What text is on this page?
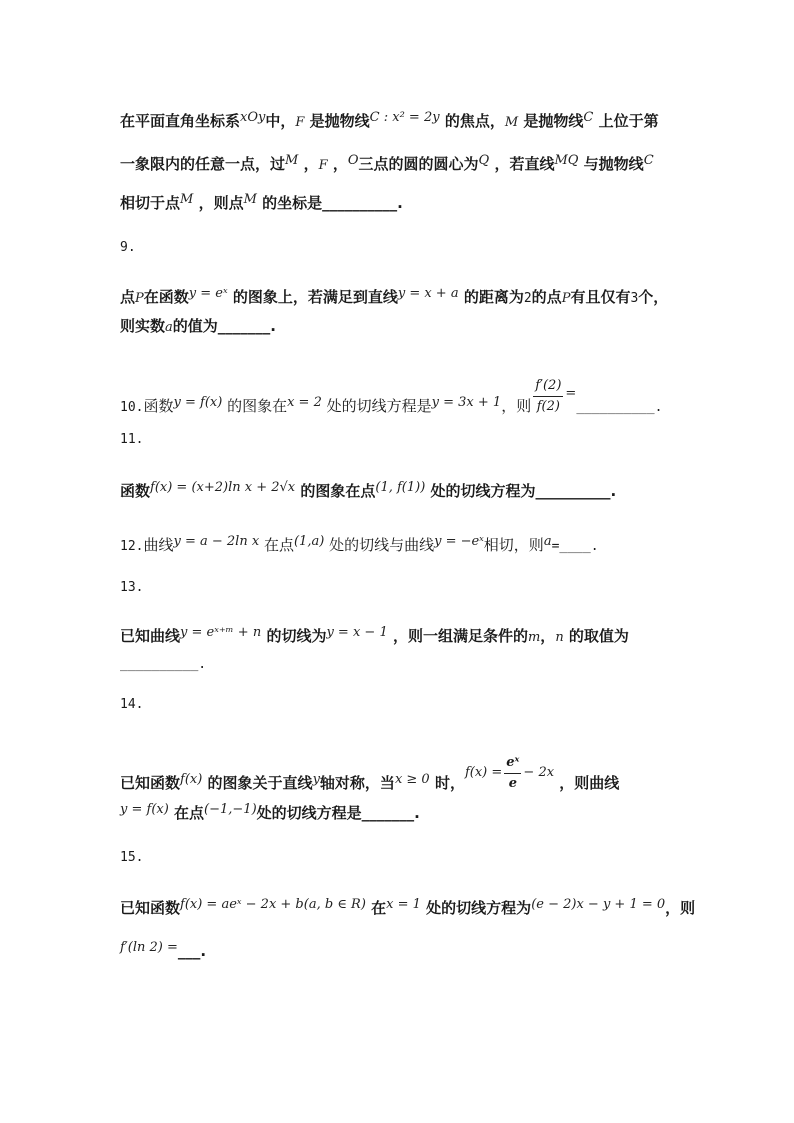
在平面直角坐标系xOy中，F 是抛物线C : x² = 2y 的焦点，M 是抛物线C 上位于第
一象限内的任意一点，过M ，F ，O三点的圆的圆心为Q ，若直线MQ 与抛物线C
相切于点M ，则点M 的坐标是__________.
9.
点P在函数y = eˣ 的图象上，若满足到直线y = x + a 的距离为2的点P有且仅有3个，
则实数a的值为_______.
10.函数y = f(x) 的图象在x = 2 处的切线方程是y = 3x + 1，则 $\frac{f'(2)}{f(2)}$ =__________.
11.
函数f(x) = (x+2)ln x + 2√x 的图象在点(1, f(1)) 处的切线方程为__________.
12.曲线y = a − 2ln x 在点(1,a) 处的切线与曲线y = −eˣ相切，则a=____.
13.
已知曲线y = eˣ⁺ᵐ + n 的切线为y = x − 1 ，则一组满足条件的m，n 的取值为
__________.
14.
已知函数f(x) 的图象关于直线y轴对称，当x ≥ 0 时，$f(x) = \frac{\text{eˣ}}{e} - 2x$ ，则曲线
y = f(x) 在点(−1,−1)处的切线方程是_______.
15.
已知函数f(x) = aeˣ − 2x + b(a, b ∈ R) 在x = 1 处的切线方程为(e − 2)x − y + 1 = 0，则
f′(ln 2) =___.
